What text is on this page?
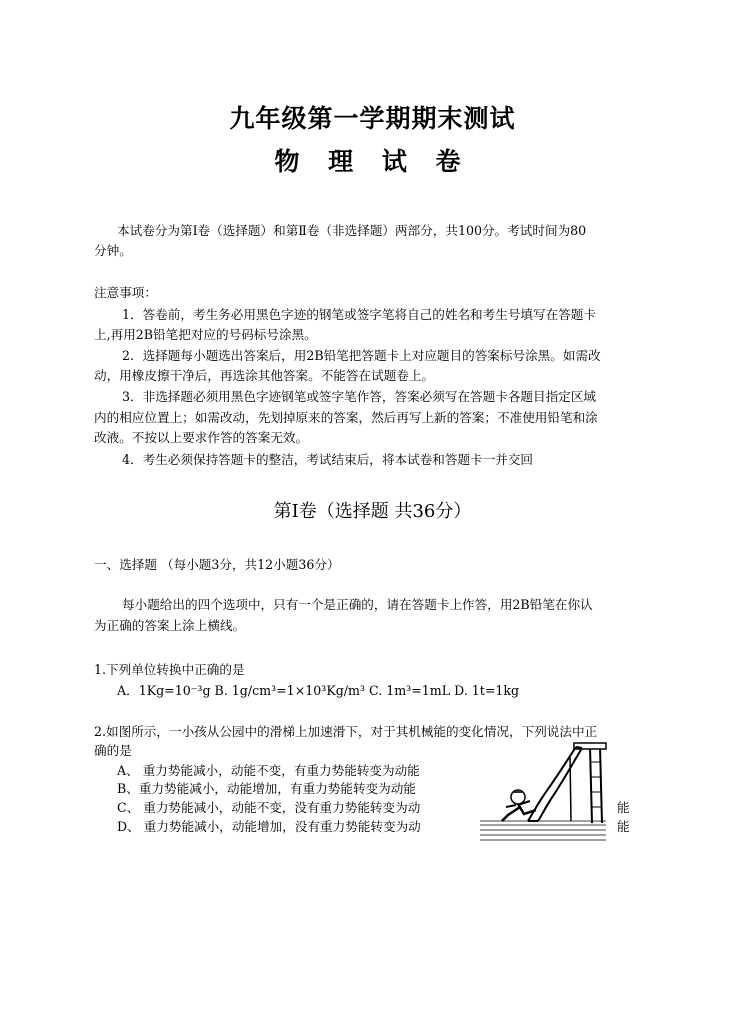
九年级第一学期期末测试
物 理 试 卷
本试卷分为第Ⅰ卷（选择题）和第Ⅱ卷（非选择题）两部分，共100分。考试时间为80
分钟。
注意事项：
1．答卷前，考生务必用黑色字迹的钢笔或签字笔将自己的姓名和考生号填写在答题卡
上,再用2B铅笔把对应的号码标号涂黑。
2．选择题每小题选出答案后，用2B铅笔把答题卡上对应题目的答案标号涂黑。如需改
动，用橡皮擦干净后，再选涂其他答案。不能答在试题卷上。
3．非选择题必须用黑色字迹钢笔或签字笔作答，答案必须写在答题卡各题目指定区域
内的相应位置上；如需改动，先划掉原来的答案，然后再写上新的答案；不准使用铅笔和涂
改液。不按以上要求作答的答案无效。
4．考生必须保持答题卡的整洁，考试结束后，将本试卷和答题卡一并交回
第Ⅰ卷（选择题 共36分）
一、选择题 （每小题3分，共12小题36分）
每小题给出的四个选项中，只有一个是正确的，请在答题卡上作答，用2B铅笔在你认
为正确的答案上涂上横线。
1.下列单位转换中正确的是
A．1Kg=10⁻³g B. 1g/cm³=1×10³Kg/m³ C. 1m³=1mL D. 1t=1kg
2.如图所示，一小孩从公园中的滑梯上加速滑下，对于其机械能的变化情况，下列说法中正
确的是
A、 重力势能减小，动能不变，有重力势能转变为动能
B、重力势能减小，动能增加，有重力势能转变为动能
C、 重力势能减小，动能不变，没有重力势能转变为动	能
D、 重力势能减小，动能增加，没有重力势能转变为动	能
